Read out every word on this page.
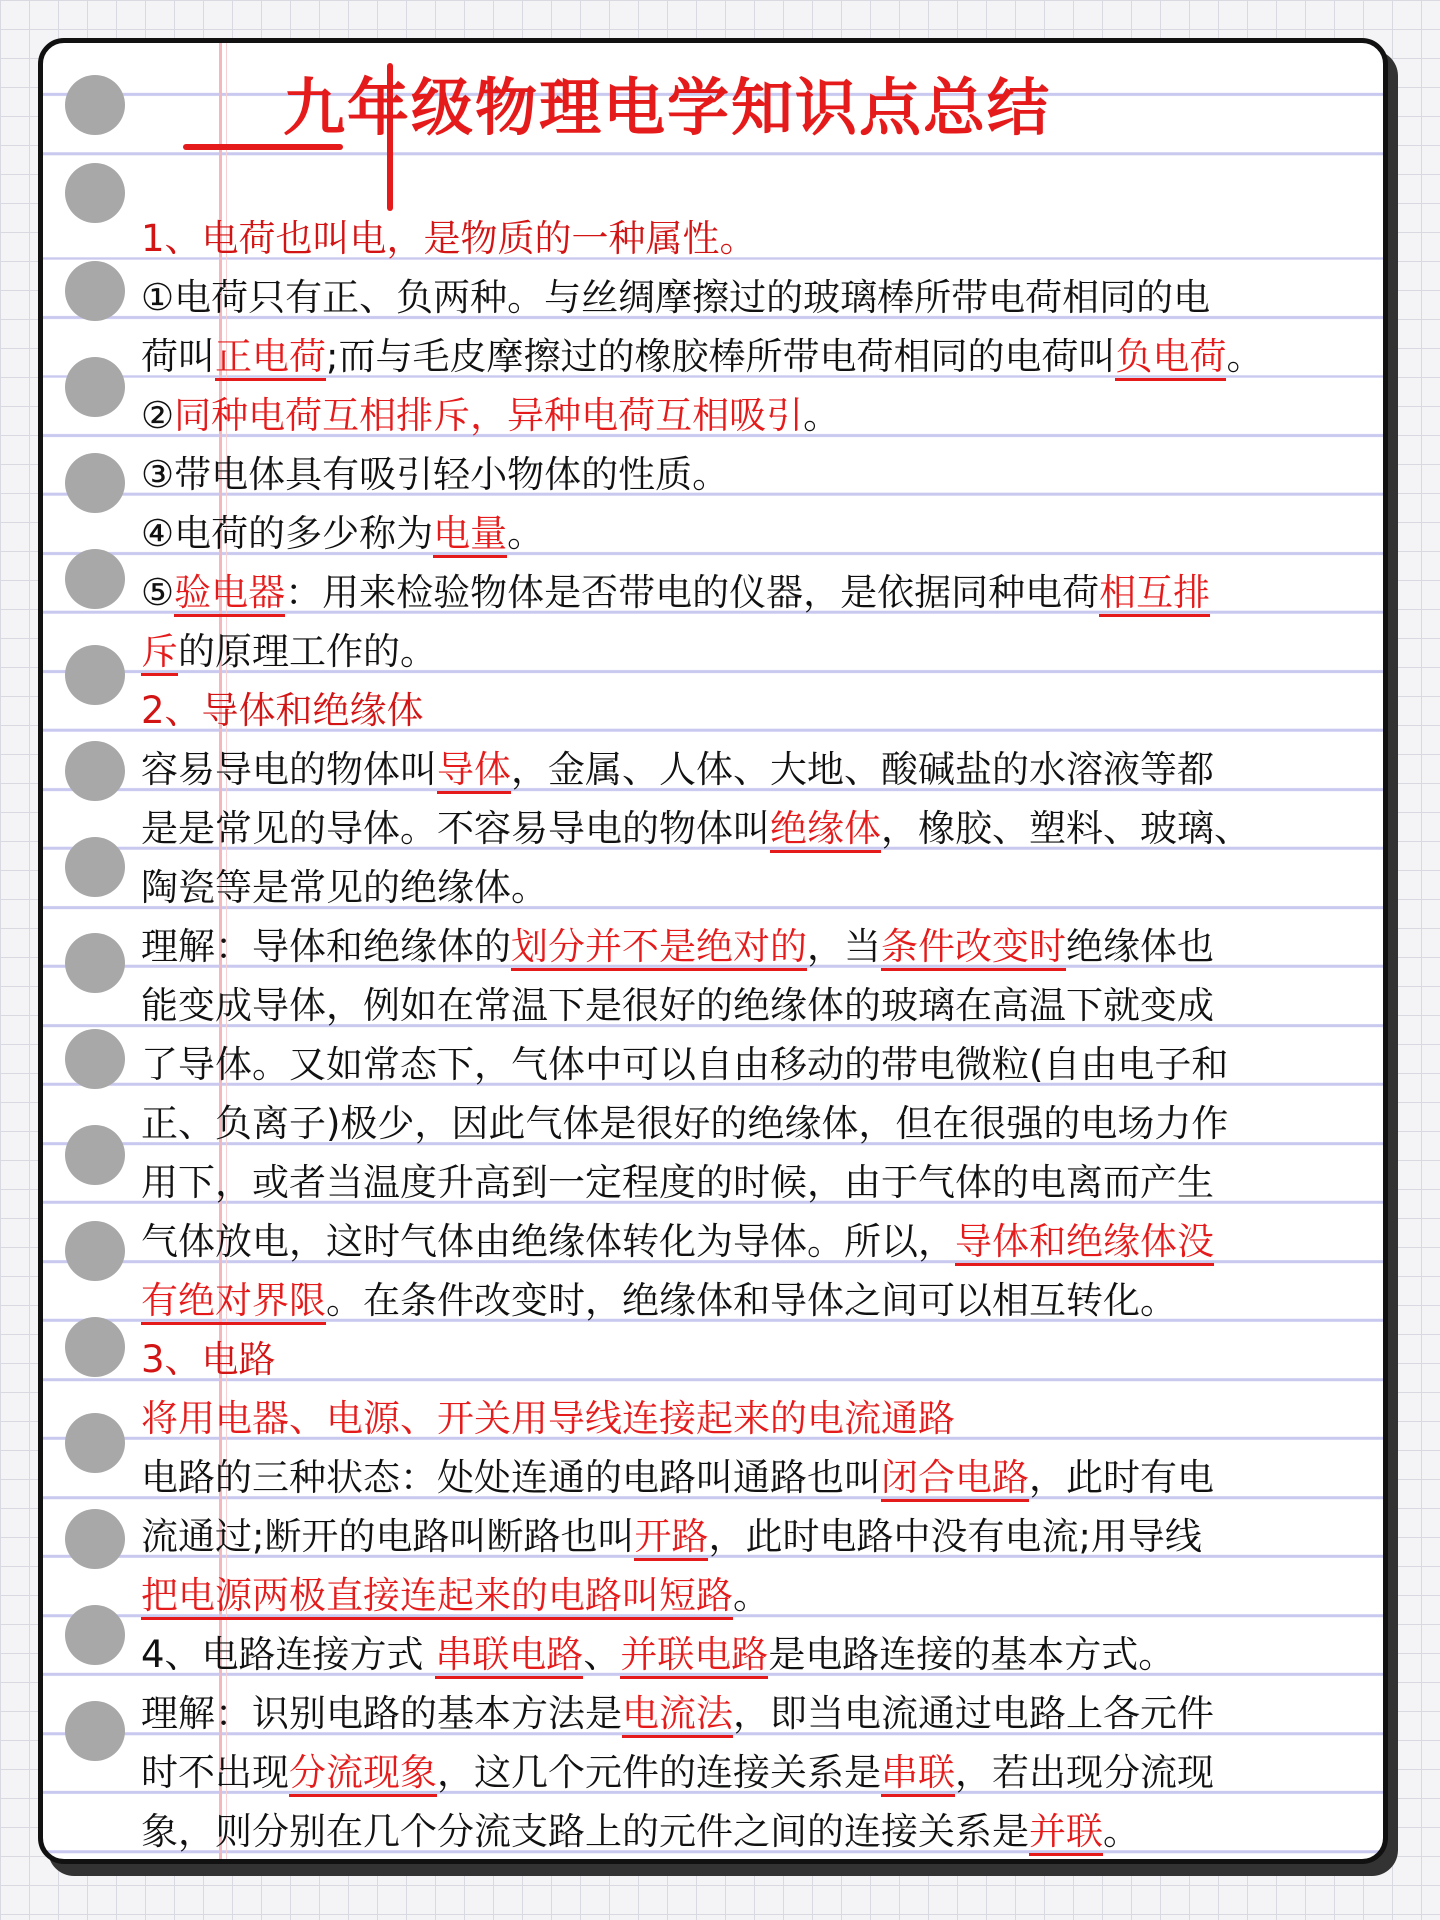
九年级物理电学知识点总结
1、电荷也叫电，是物质的一种属性。
①电荷只有正、负两种。与丝绸摩擦过的玻璃棒所带电荷相同的电
荷叫正电荷;而与毛皮摩擦过的橡胶棒所带电荷相同的电荷叫负电荷。
②同种电荷互相排斥，异种电荷互相吸引。
③带电体具有吸引轻小物体的性质。
④电荷的多少称为电量。
⑤验电器：用来检验物体是否带电的仪器，是依据同种电荷相互排
斥的原理工作的。
2、导体和绝缘体
容易导电的物体叫导体，金属、人体、大地、酸碱盐的水溶液等都
是是常见的导体。不容易导电的物体叫绝缘体，橡胶、塑料、玻璃、
陶瓷等是常见的绝缘体。
理解：导体和绝缘体的划分并不是绝对的，当条件改变时绝缘体也
能变成导体，例如在常温下是很好的绝缘体的玻璃在高温下就变成
了导体。又如常态下，气体中可以自由移动的带电微粒(自由电子和
正、负离子)极少，因此气体是很好的绝缘体，但在很强的电场力作
用下，或者当温度升高到一定程度的时候，由于气体的电离而产生
气体放电，这时气体由绝缘体转化为导体。所以，导体和绝缘体没
有绝对界限。在条件改变时，绝缘体和导体之间可以相互转化。
3、电路
将用电器、电源、开关用导线连接起来的电流通路
电路的三种状态：处处连通的电路叫通路也叫闭合电路，此时有电
流通过;断开的电路叫断路也叫开路，此时电路中没有电流;用导线
把电源两极直接连起来的电路叫短路。
4、电路连接方式 串联电路、并联电路是电路连接的基本方式。
理解：识别电路的基本方法是电流法，即当电流通过电路上各元件
时不出现分流现象，这几个元件的连接关系是串联，若出现分流现
象，则分别在几个分流支路上的元件之间的连接关系是并联。
